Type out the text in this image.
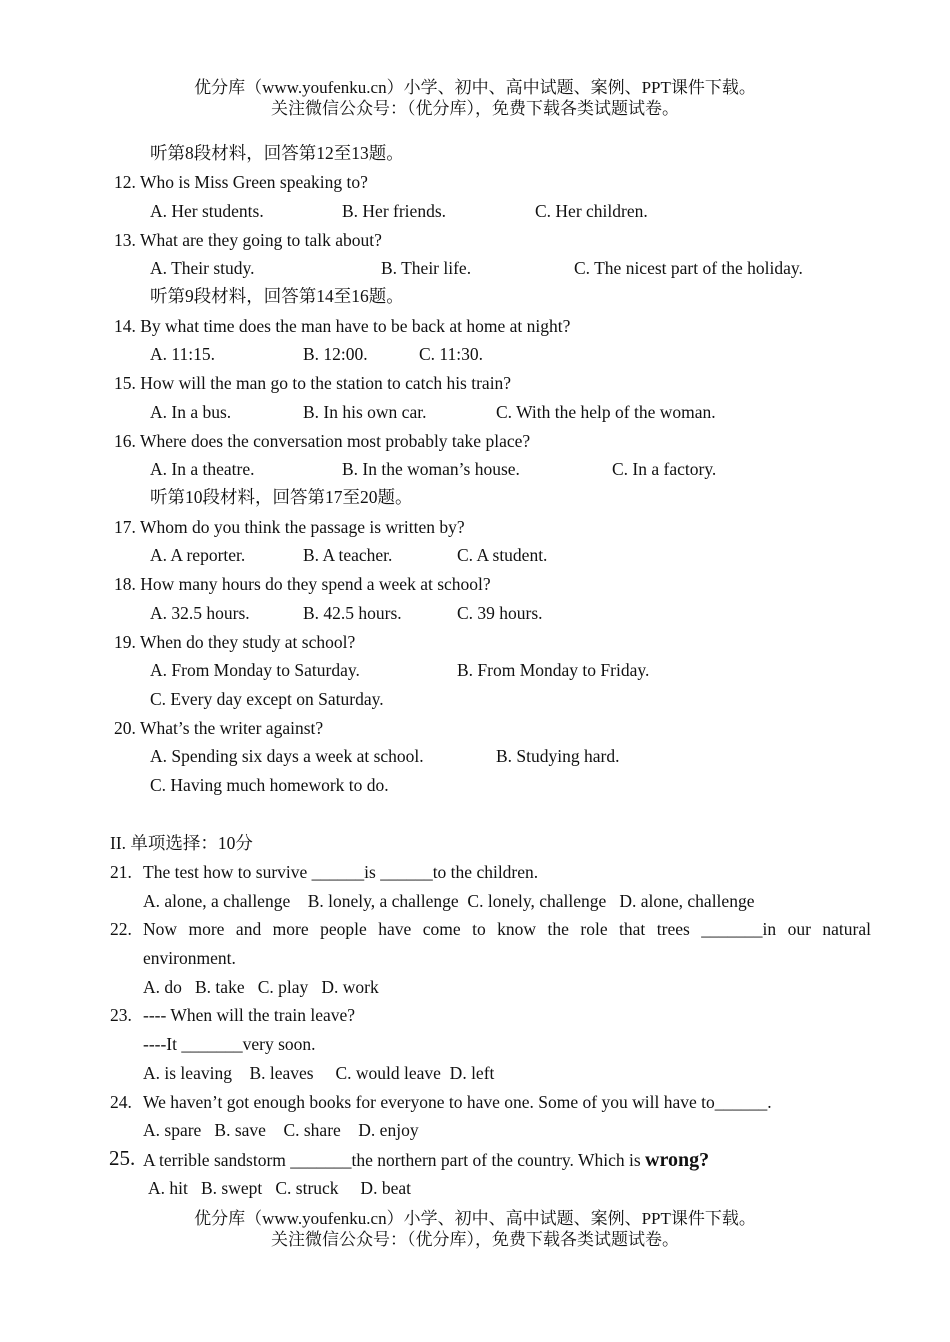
优分库（www.youfenku.cn）小学、初中、高中试题、案例、PPT课件下载。
关注微信公众号：（优分库），免费下载各类试题试卷。
听第8段材料，回答第12至13题。
12. Who is Miss Green speaking to?
A. Her students.	B. Her friends.	C. Her children.
13. What are they going to talk about?
A. Their study.	B. Their life.	C. The nicest part of the holiday.
听第9段材料，回答第14至16题。
14. By what time does the man have to be back at home at night?
A. 11:15.	B. 12:00.	C. 11:30.
15. How will the man go to the station to catch his train?
A. In a bus.	B. In his own car.	C. With the help of the woman.
16. Where does the conversation most probably take place?
A. In a theatre.	B. In the woman’s house.	C. In a factory.
听第10段材料，回答第17至20题。
17. Whom do you think the passage is written by?
A. A reporter.	B. A teacher.	C. A student.
18. How many hours do they spend a week at school?
A. 32.5 hours.	B. 42.5 hours.	C. 39 hours.
19. When do they study at school?
A. From Monday to Saturday.	B. From Monday to Friday.
C. Every day except on Saturday.
20. What’s the writer against?
A. Spending six days a week at school.	B. Studying hard.
C. Having much homework to do.
II. 单项选择：10分
21. The test how to survive ______is ______to the children.
A. alone, a challenge    B. lonely, a challenge  C. lonely, challenge   D. alone, challenge
22. Now more and more people have come to know the role that trees _______in our natural
environment.
A. do   B. take   C. play   D. work
23. ---- When will the train leave?
----It _______very soon.
A. is leaving    B. leaves     C. would leave  D. left
24. We haven’t got enough books for everyone to have one. Some of you will have to______.
A. spare   B. save    C. share    D. enjoy
25. A terrible sandstorm _______the northern part of the country. Which is wrong?
A. hit   B. swept   C. struck     D. beat
优分库（www.youfenku.cn）小学、初中、高中试题、案例、PPT课件下载。
关注微信公众号：（优分库），免费下载各类试题试卷。
